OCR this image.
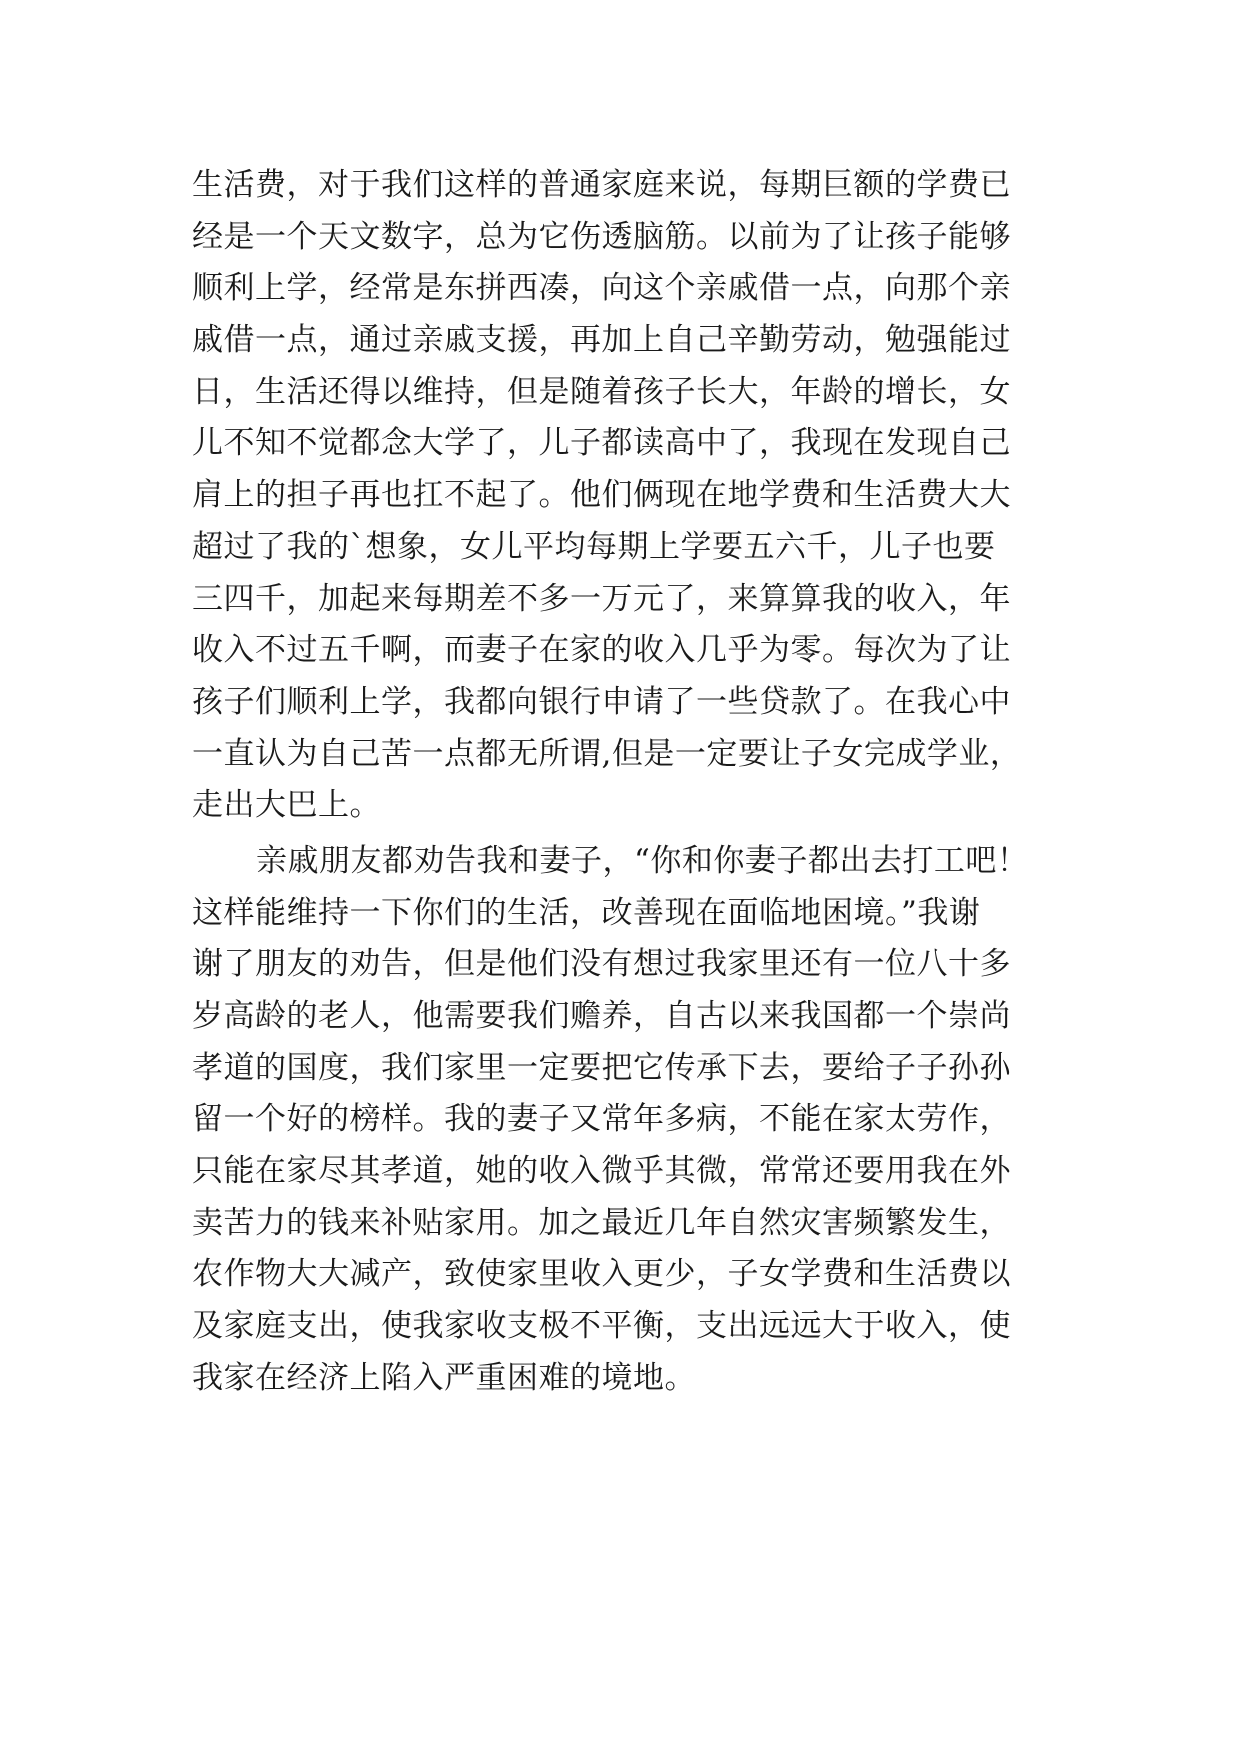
生活费，对于我们这样的普通家庭来说，每期巨额的学费已
经是一个天文数字，总为它伤透脑筋。以前为了让孩子能够
顺利上学，经常是东拼西凑，向这个亲戚借一点，向那个亲
戚借一点，通过亲戚支援，再加上自己辛勤劳动，勉强能过
日，生活还得以维持，但是随着孩子长大，年龄的增长，女
儿不知不觉都念大学了，儿子都读高中了，我现在发现自己
肩上的担子再也扛不起了。他们俩现在地学费和生活费大大
超过了我的`想象，女儿平均每期上学要五六千，儿子也要
三四千，加起来每期差不多一万元了，来算算我的收入，年
收入不过五千啊，而妻子在家的收入几乎为零。每次为了让
孩子们顺利上学，我都向银行申请了一些贷款了。在我心中
一直认为自己苦一点都无所谓,但是一定要让子女完成学业，
走出大巴上。
亲戚朋友都劝告我和妻子，“你和你妻子都出去打工吧！
这样能维持一下你们的生活，改善现在面临地困境。”我谢
谢了朋友的劝告，但是他们没有想过我家里还有一位八十多
岁高龄的老人，他需要我们赡养，自古以来我国都一个崇尚
孝道的国度，我们家里一定要把它传承下去，要给子子孙孙
留一个好的榜样。我的妻子又常年多病，不能在家太劳作，
只能在家尽其孝道，她的收入微乎其微，常常还要用我在外
卖苦力的钱来补贴家用。加之最近几年自然灾害频繁发生，
农作物大大减产，致使家里收入更少，子女学费和生活费以
及家庭支出，使我家收支极不平衡，支出远远大于收入，使
我家在经济上陷入严重困难的境地。
